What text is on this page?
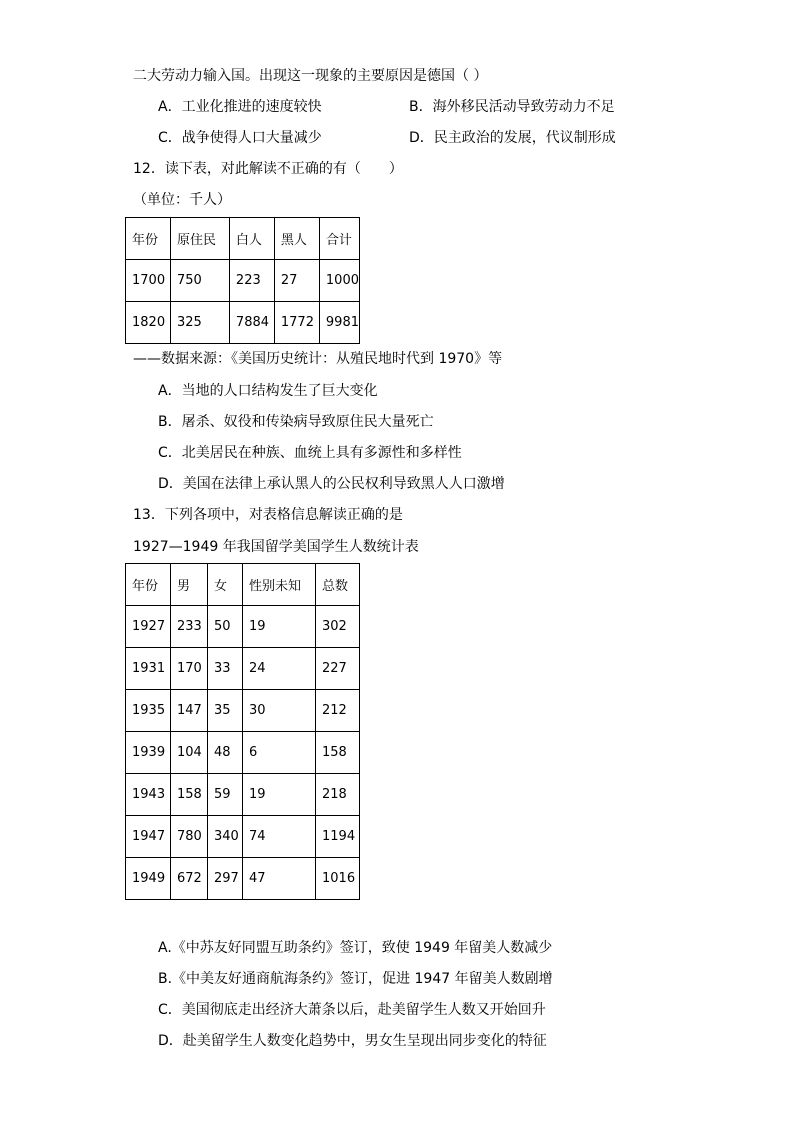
二大劳动力输入国。出现这一现象的主要原因是德国（ ）
A．工业化推进的速度较快	B．海外移民活动导致劳动力不足
C．战争使得人口大量减少	D．民主政治的发展，代议制形成
12．读下表，对此解读不正确的有（　　）
（单位：千人）
年份	原住民	白人	黑人	合计
1700	750	223	27	1000
1820	325	7884	1772	9981
——数据来源：《美国历史统计：从殖民地时代到 1970》等
A．当地的人口结构发生了巨大变化
B．屠杀、奴役和传染病导致原住民大量死亡
C．北美居民在种族、血统上具有多源性和多样性
D．美国在法律上承认黑人的公民权利导致黑人人口激增
13．下列各项中，对表格信息解读正确的是
1927—1949 年我国留学美国学生人数统计表
年份	男	女	性别未知	总数
1927	233	50	19	302
1931	170	33	24	227
1935	147	35	30	212
1939	104	48	6	158
1943	158	59	19	218
1947	780	340	74	1194
1949	672	297	47	1016
A.《中苏友好同盟互助条约》签订，致使 1949 年留美人数减少
B.《中美友好通商航海条约》签订，促进 1947 年留美人数剧增
C．美国彻底走出经济大萧条以后，赴美留学生人数又开始回升
D．赴美留学生人数变化趋势中，男女生呈现出同步变化的特征
